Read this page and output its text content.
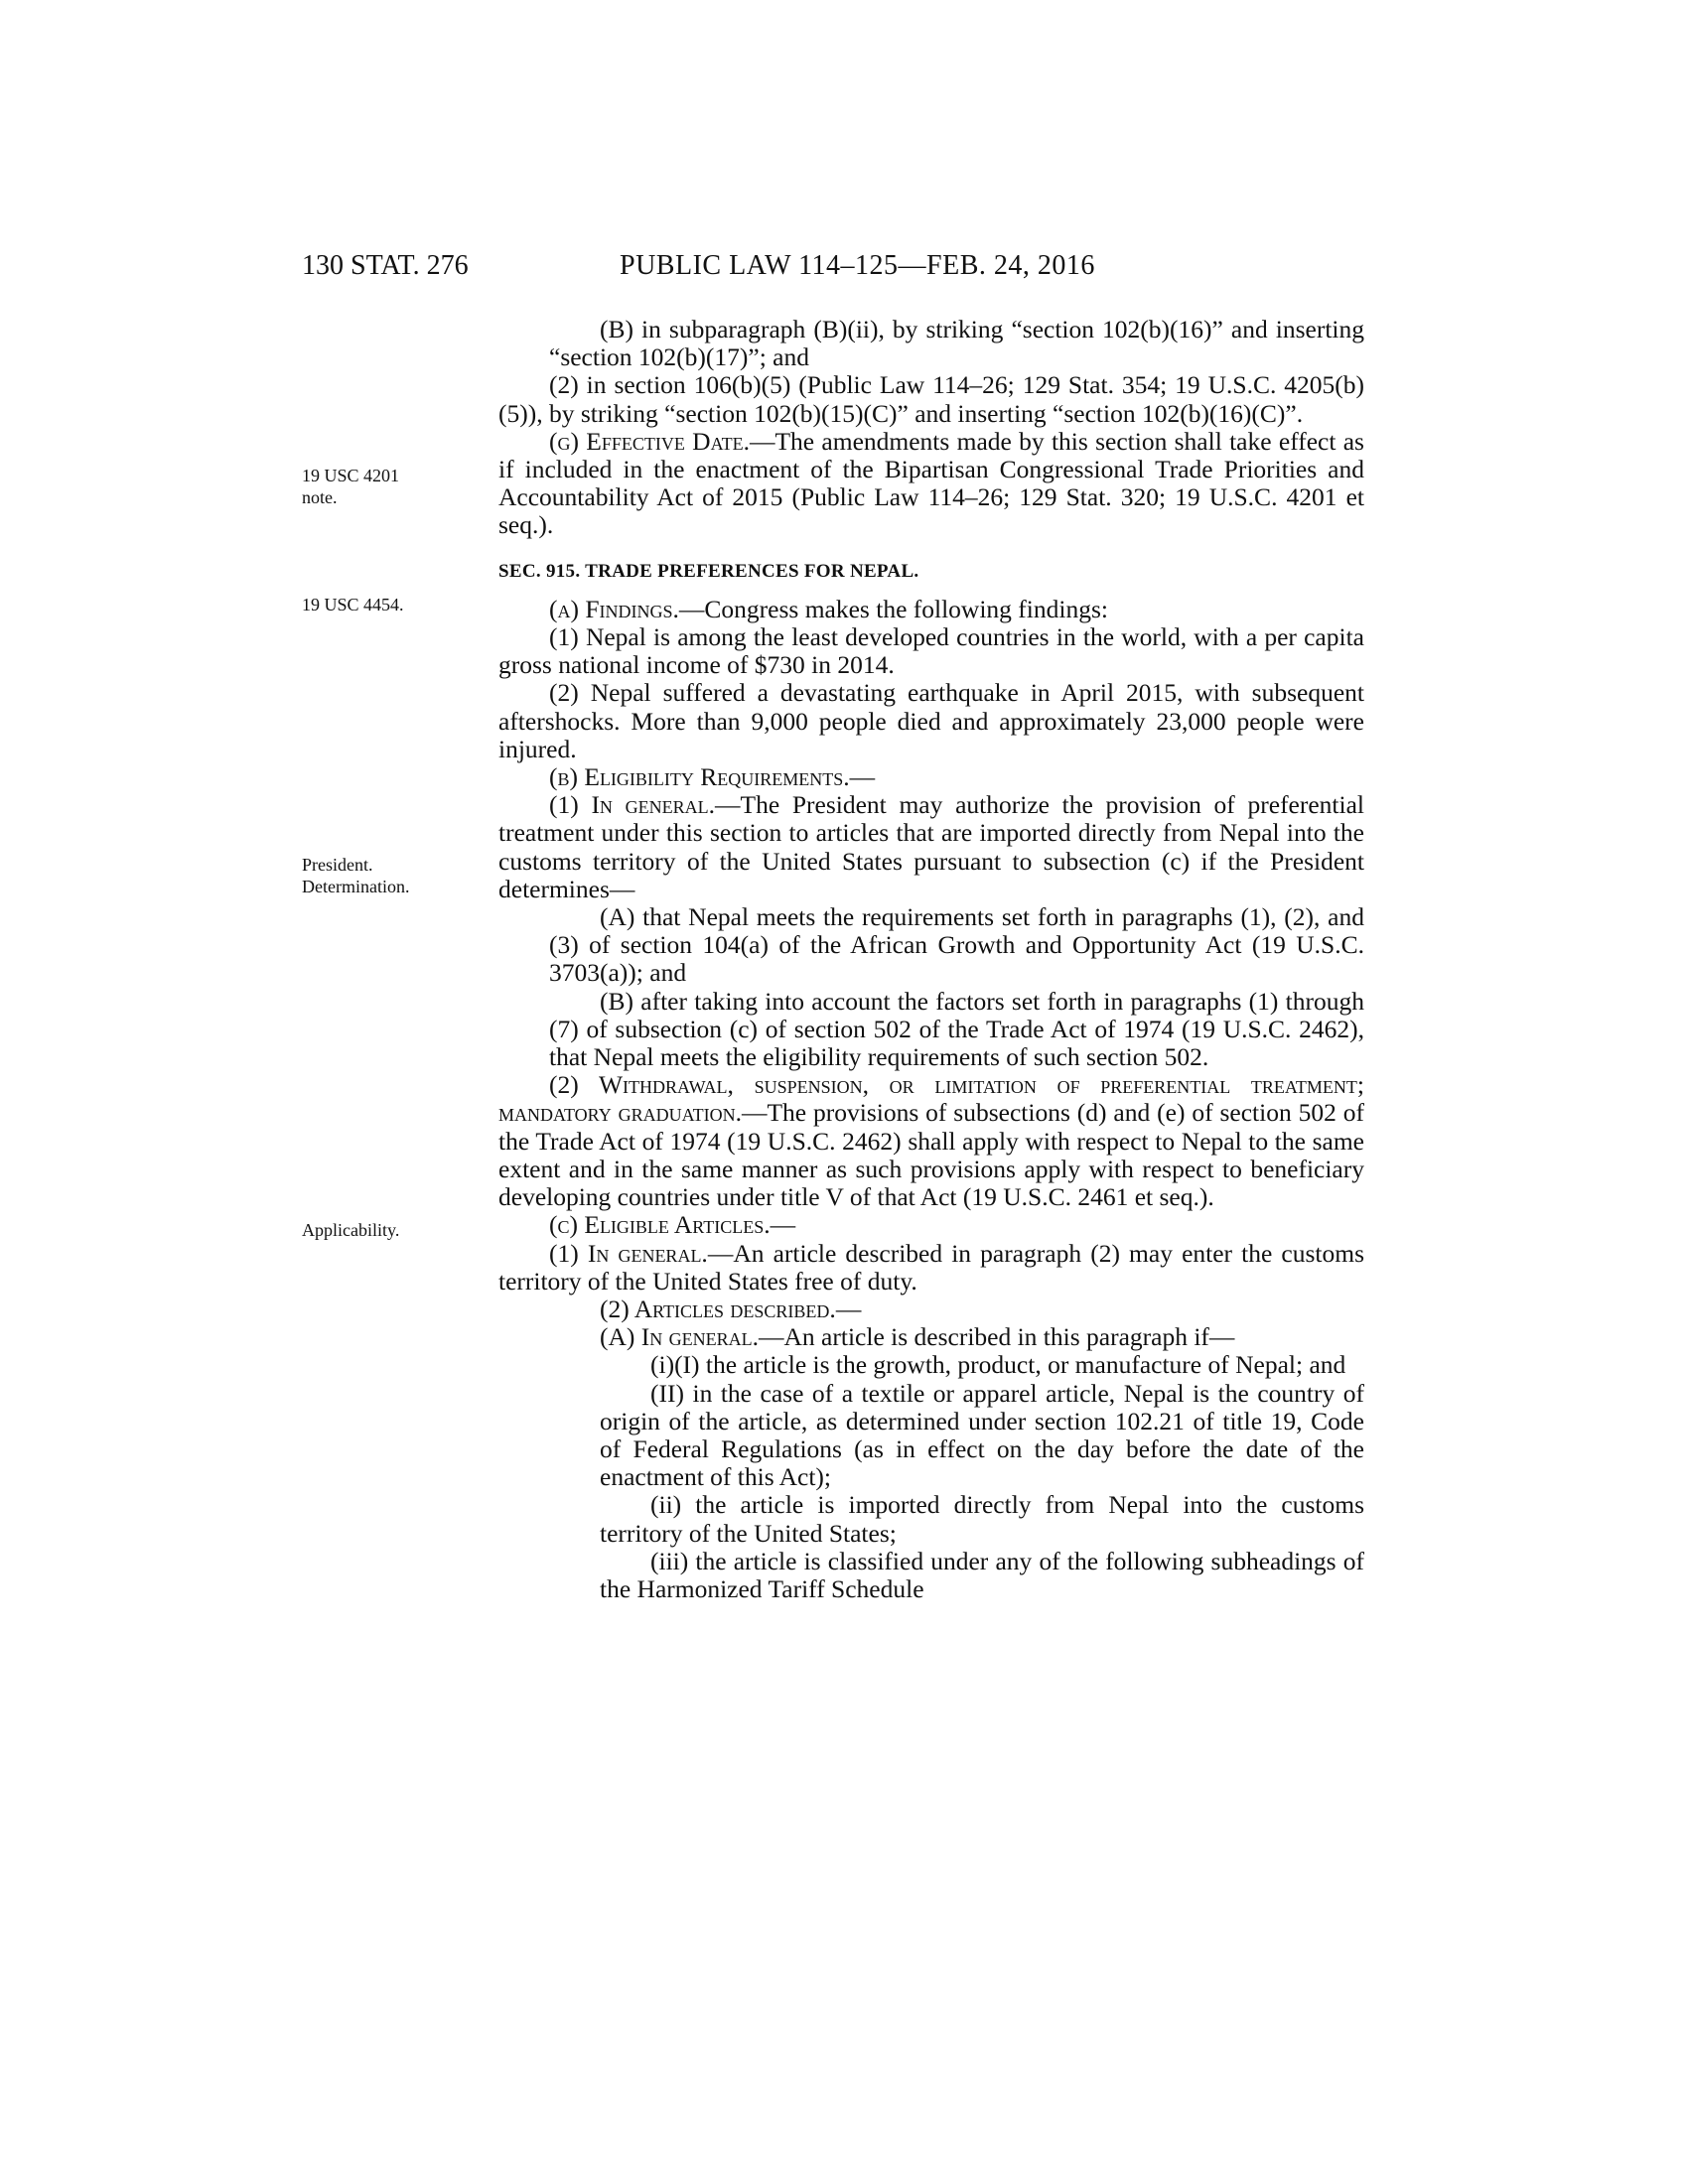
130 STAT. 276	PUBLIC LAW 114–125—FEB. 24, 2016
19 USC 4201
note.
19 USC 4454.
President.
Determination.
Applicability.

(B) in subparagraph (B)(ii), by striking “section 102(b)(16)” and inserting “section 102(b)(17)”; and

(2) in section 106(b)(5) (Public Law 114–26; 129 Stat. 354; 19 U.S.C. 4205(b)(5)), by striking “section 102(b)(15)(C)” and inserting “section 102(b)(16)(C)”.

(g) Effective Date.—The amendments made by this section shall take effect as if included in the enactment of the Bipartisan Congressional Trade Priorities and Accountability Act of 2015 (Public Law 114–26; 129 Stat. 320; 19 U.S.C. 4201 et seq.).

SEC. 915. TRADE PREFERENCES FOR NEPAL.

(a) Findings.—Congress makes the following findings:

(1) Nepal is among the least developed countries in the world, with a per capita gross national income of $730 in 2014.

(2) Nepal suffered a devastating earthquake in April 2015, with subsequent aftershocks. More than 9,000 people died and approximately 23,000 people were injured.

(b) Eligibility Requirements.—

(1) In general.—The President may authorize the provision of preferential treatment under this section to articles that are imported directly from Nepal into the customs territory of the United States pursuant to subsection (c) if the President determines—

(A) that Nepal meets the requirements set forth in paragraphs (1), (2), and (3) of section 104(a) of the African Growth and Opportunity Act (19 U.S.C. 3703(a)); and

(B) after taking into account the factors set forth in paragraphs (1) through (7) of subsection (c) of section 502 of the Trade Act of 1974 (19 U.S.C. 2462), that Nepal meets the eligibility requirements of such section 502.

(2) Withdrawal, suspension, or limitation of preferential treatment; mandatory graduation.—The provisions of subsections (d) and (e) of section 502 of the Trade Act of 1974 (19 U.S.C. 2462) shall apply with respect to Nepal to the same extent and in the same manner as such provisions apply with respect to beneficiary developing countries under title V of that Act (19 U.S.C. 2461 et seq.).

(c) Eligible Articles.—

(1) In general.—An article described in paragraph (2) may enter the customs territory of the United States free of duty.

(2) Articles described.—

(A) In general.—An article is described in this paragraph if—

(i)(I) the article is the growth, product, or manufacture of Nepal; and

(II) in the case of a textile or apparel article, Nepal is the country of origin of the article, as determined under section 102.21 of title 19, Code of Federal Regulations (as in effect on the day before the date of the enactment of this Act);

(ii) the article is imported directly from Nepal into the customs territory of the United States;

(iii) the article is classified under any of the following subheadings of the Harmonized Tariff Schedule
